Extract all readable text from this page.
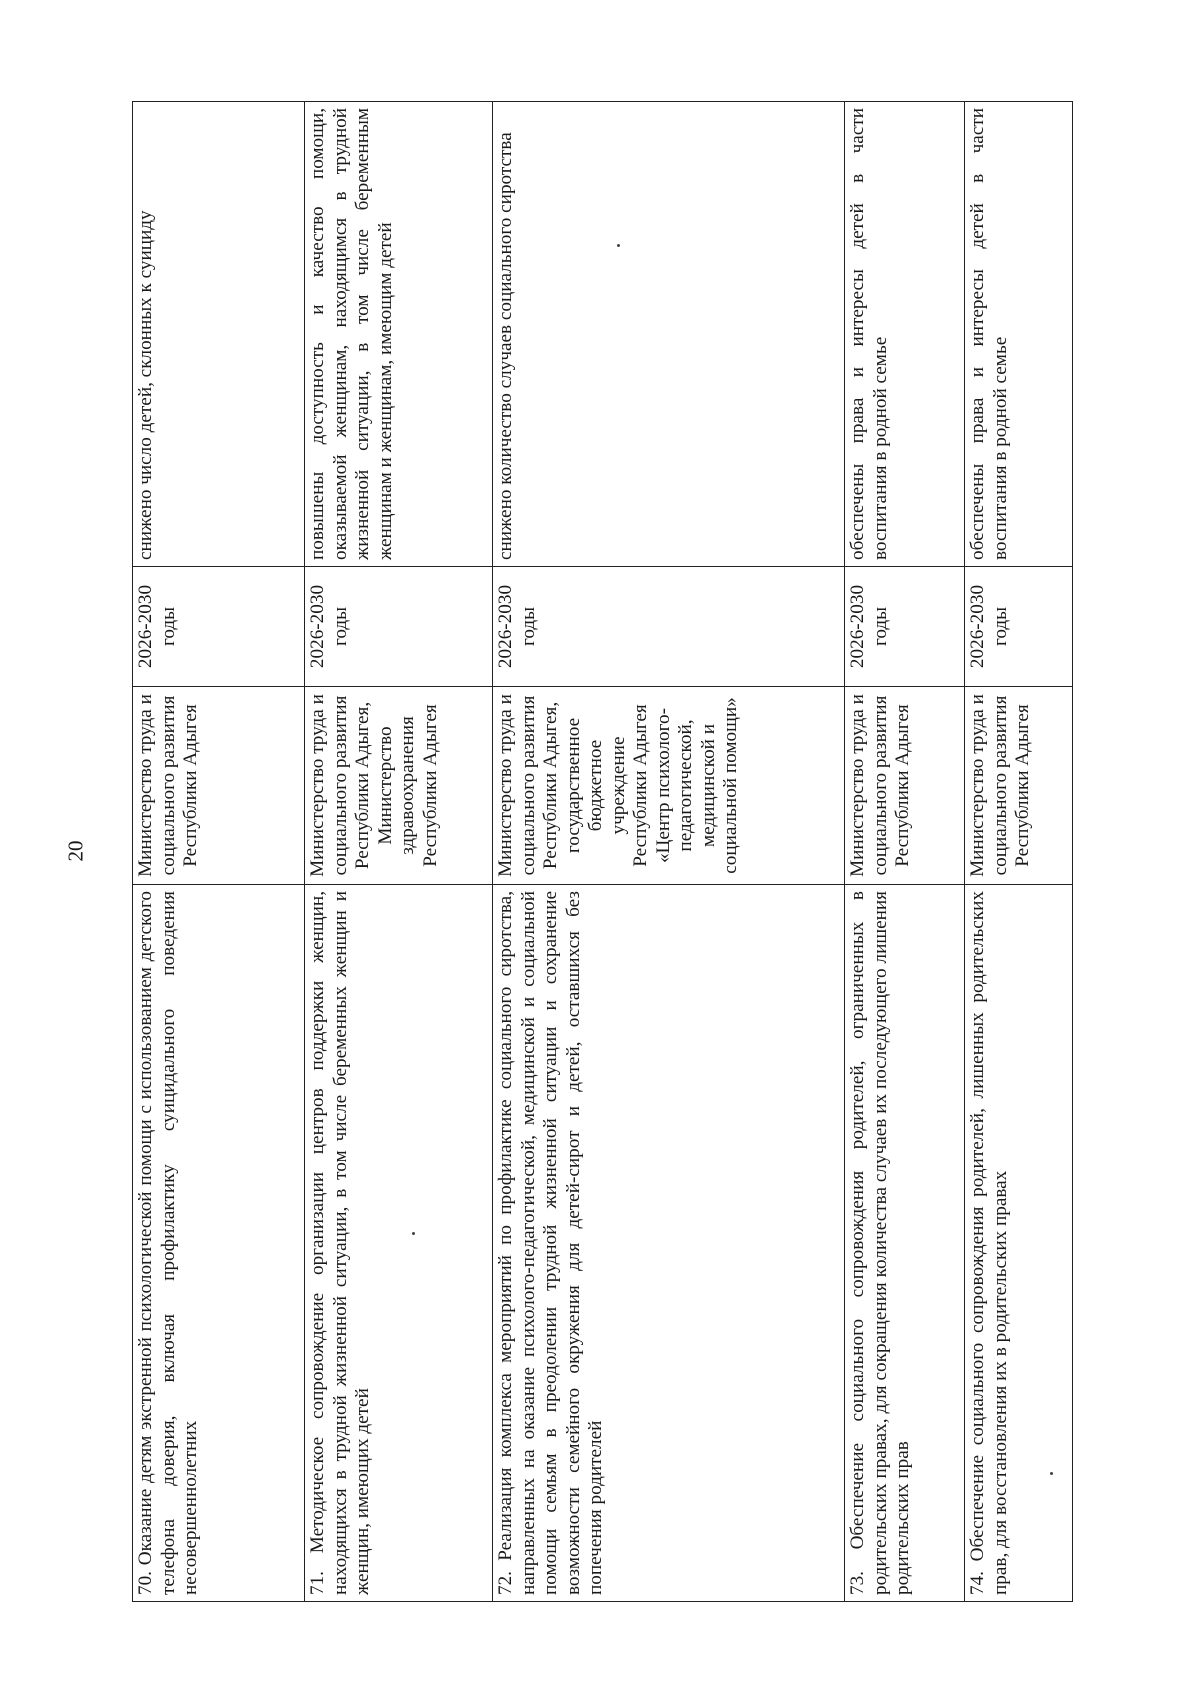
20
70. Оказание детям экстренной психологической помощи с использованием детского телефона доверия, включая профилактику суицидального поведения несовершеннолетних	Министерство труда и социального развития Республики Адыгея	2026-2030 годы	снижено число детей, склонных к суициду
71. Методическое сопровождение организации центров поддержки женщин, находящихся в трудной жизненной ситуации, в том числе беременных женщин и женщин, имеющих детей	Министерство труда и социального развития Республики Адыгея, Министерство здравоохранения Республики Адыгея	2026-2030 годы	повышены доступность и качество помощи, оказываемой женщинам, находящимся в трудной жизненной ситуации, в том числе беременным женщинам и женщинам, имеющим детей
72. Реализация комплекса мероприятий по профилактике социального сиротства, направленных на оказание психолого-педагогической, медицинской и социальной помощи семьям в преодолении трудной жизненной ситуации и сохранение возможности семейного окружения для детей-сирот и детей, оставшихся без попечения родителей	Министерство труда и социального развития Республики Адыгея, государственное бюджетное учреждение Республики Адыгея «Центр психолого-педагогической, медицинской и социальной помощи»	2026-2030 годы	снижено количество случаев социального сиротства
73. Обеспечение социального сопровождения родителей, ограниченных в родительских правах, для сокращения количества случаев их последующего лишения родительских прав	Министерство труда и социального развития Республики Адыгея	2026-2030 годы	обеспечены права и интересы детей в части воспитания в родной семье
74. Обеспечение социального сопровождения родителей, лишенных родительских прав, для восстановления их в родительских правах	Министерство труда и социального развития Республики Адыгея	2026-2030 годы	обеспечены права и интересы детей в части воспитания в родной семье
